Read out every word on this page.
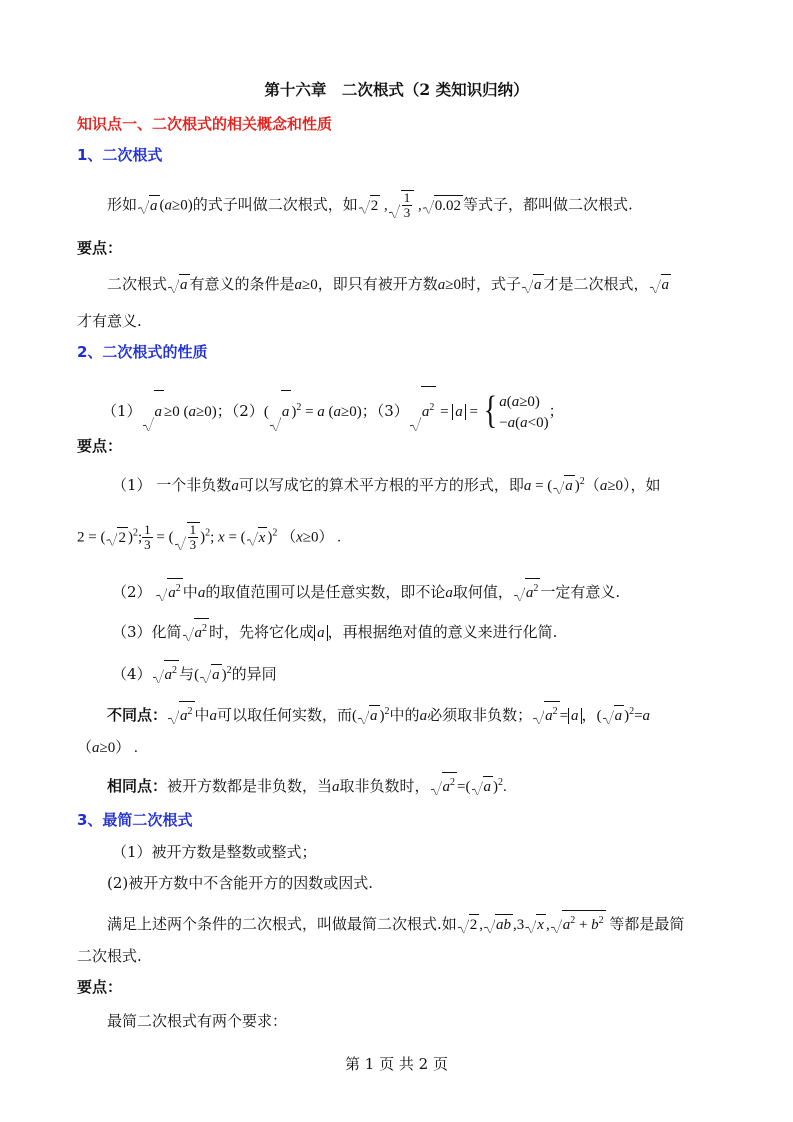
第十六章　二次根式（2 类知识归纳）
知识点一、二次根式的相关概念和性质
1、二次根式
形如 a (a≥0)的式子叫做二次根式，如 2 , $\frac{1}{3}$ , 0.02 等式子，都叫做二次根式.
要点：
二次根式 a 有意义的条件是a≥0，即只有被开方数a≥0时，式子 a 才是二次根式， a
才有意义.
2、二次根式的性质
（1） a ≥0 (a≥0)；（2）( a )$^2$ = a (a≥0)；（3） $a^2 = a$ = { a(a≥0)
−a(a<0)
；
要点：
（1） 一个非负数a可以写成它的算术平方根的平方的形式，即a = ( a )$^2$（a≥0），如
2 = ( 2 )$^2$; $\frac{1}{3}$ = ( $\frac{1}{3} )^2$; x = ( x )$^2$ （x≥0） .
（2） $a^2$ 中a的取值范围可以是任意实数，即不论a取何值， $a^2$ 一定有意义.
（3）化简 $a^2$ 时，先将它化成 a ，再根据绝对值的意义来进行化简.
（4） $a^2$ 与( a )$^2$的异同
不同点： $a^2$ 中a可以取任何实数，而( a )$^2$中的a必须取非负数； $a^2 = a$ ，( a )$^2$=a
（a≥0） .
相同点：被开方数都是非负数，当a取非负数时， $a^2$ =( a )$^2$.
3、最简二次根式
（1）被开方数是整数或整式；
(2)被开方数中不含能开方的因数或因式.
满足上述两个条件的二次根式，叫做最简二次根式.如 2 , ab ,3 x , $a^2 + b^2$ 等都是最简
二次根式.
要点：
最简二次根式有两个要求：
第 1 页 共 2 页
